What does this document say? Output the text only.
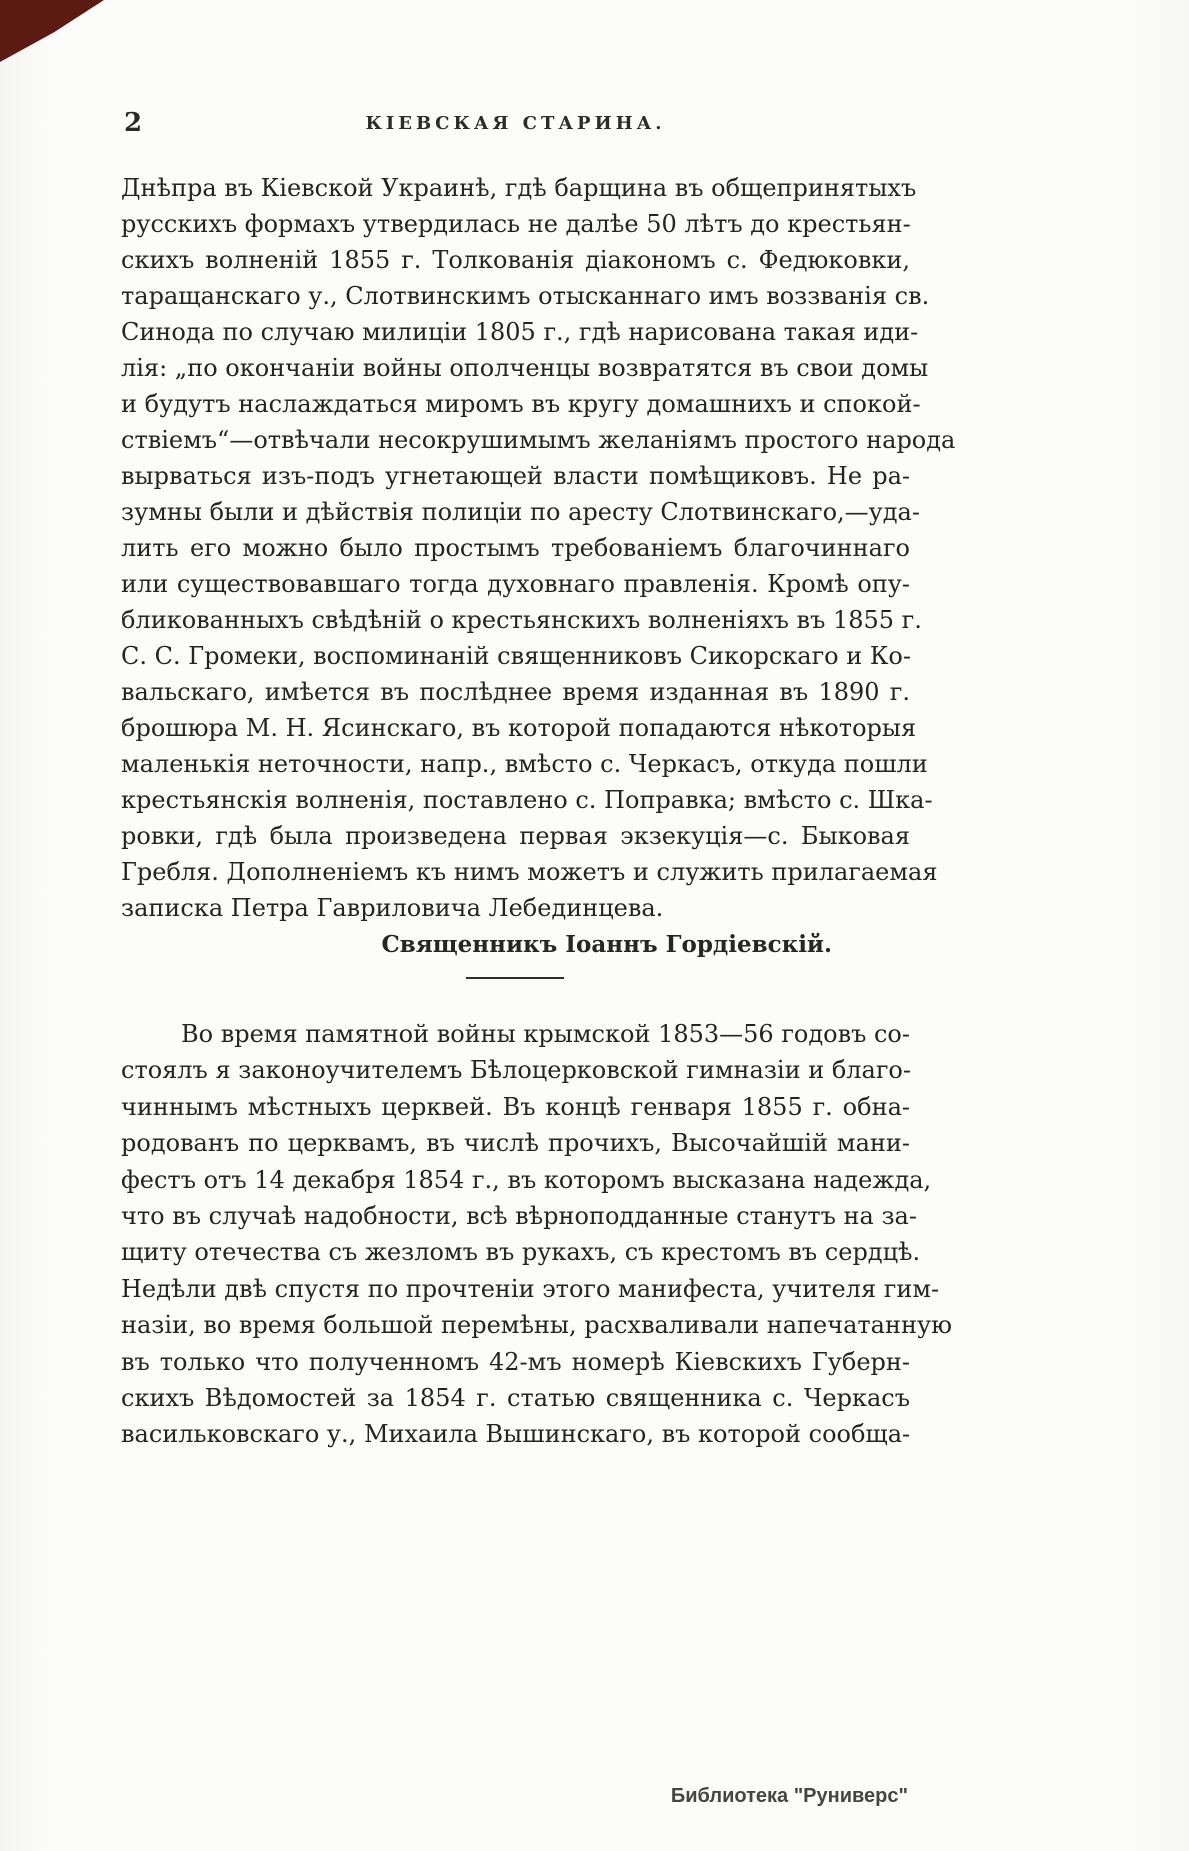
2	КІЕВСКАЯ СТАРИНА.
Днѣпра въ Кіевской Украинѣ, гдѣ барщина въ общепринятыхъ
русскихъ формахъ утвердилась не далѣе 50 лѣтъ до крестьян-
скихъ волненій 1855 г. Толкованія діакономъ с. Федюковки,
таращанскаго у., Слотвинскимъ отысканнаго имъ воззванія св.
Синода по случаю милиціи 1805 г., гдѣ нарисована такая иди-
лія: „по окончаніи войны ополченцы возвратятся въ свои домы
и будутъ наслаждаться миромъ въ кругу домашнихъ и спокой-
ствіемъ“—отвѣчали несокрушимымъ желаніямъ простого народа
вырваться изъ-подъ угнетающей власти помѣщиковъ. Не ра-
зумны были и дѣйствія полиціи по аресту Слотвинскаго,—уда-
лить его можно было простымъ требованіемъ благочиннаго
или существовавшаго тогда духовнаго правленія. Кромѣ опу-
бликованныхъ свѣдѣній о крестьянскихъ волненіяхъ въ 1855 г.
С. С. Громеки, воспоминаній священниковъ Сикорскаго и Ко-
вальскаго, имѣется въ послѣднее время изданная въ 1890 г.
брошюра М. Н. Ясинскаго, въ которой попадаются нѣкоторыя
маленькія неточности, напр., вмѣсто с. Черкасъ, откуда пошли
крестьянскія волненія, поставлено с. Поправка; вмѣсто с. Шка-
ровки, гдѣ была произведена первая экзекуція—с. Быковая
Гребля. Дополненіемъ къ нимъ можетъ и служить прилагаемая
записка Петра Гавриловича Лебединцева.
Священникъ Іоаннъ Гордіевскій.
Во время памятной войны крымской 1853—56 годовъ со-
стоялъ я законоучителемъ Бѣлоцерковской гимназіи и благо-
чиннымъ мѣстныхъ церквей. Въ концѣ генваря 1855 г. обна-
родованъ по церквамъ, въ числѣ прочихъ, Высочайшій мани-
фестъ отъ 14 декабря 1854 г., въ которомъ высказана надежда,
что въ случаѣ надобности, всѣ вѣрноподданные станутъ на за-
щиту отечества съ жезломъ въ рукахъ, съ крестомъ въ сердцѣ.
Недѣли двѣ спустя по прочтеніи этого манифеста, учителя гим-
назіи, во время большой перемѣны, расхваливали напечатанную
въ только что полученномъ 42-мъ номерѣ Кіевскихъ Губерн-
скихъ Вѣдомостей за 1854 г. статью священника с. Черкасъ
васильковскаго у., Михаила Вышинскаго, въ которой сообща-
Библиотека "Руниверс"
